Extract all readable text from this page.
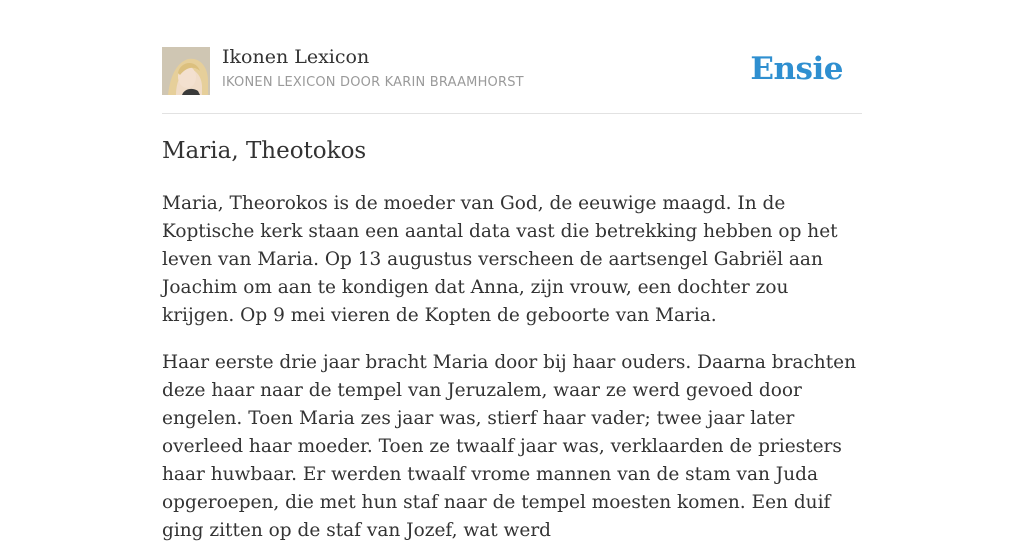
Ikonen Lexicon
IKONEN LEXICON DOOR KARIN BRAAMHORST	Ensie
Maria, Theotokos

Maria, Theorokos is de moeder van God, de eeuwige maagd. In de Koptische kerk staan een aantal data vast die betrekking hebben op het leven van Maria. Op 13 augustus verscheen de aartsengel Gabriël aan Joachim om aan te kondigen dat Anna, zijn vrouw, een dochter zou krijgen. Op 9 mei vieren de Kopten de geboorte van Maria.

Haar eerste drie jaar bracht Maria door bij haar ouders. Daarna brachten deze haar naar de tempel van Jeruzalem, waar ze werd gevoed door engelen. Toen Maria zes jaar was, stierf haar vader; twee jaar later overleed haar moeder. Toen ze twaalf jaar was, verklaarden de priesters haar huwbaar. Er werden twaalf vrome mannen van de stam van Juda opgeroepen, die met hun staf naar de tempel moesten komen. Een duif ging zitten op de staf van Jozef, wat werd
